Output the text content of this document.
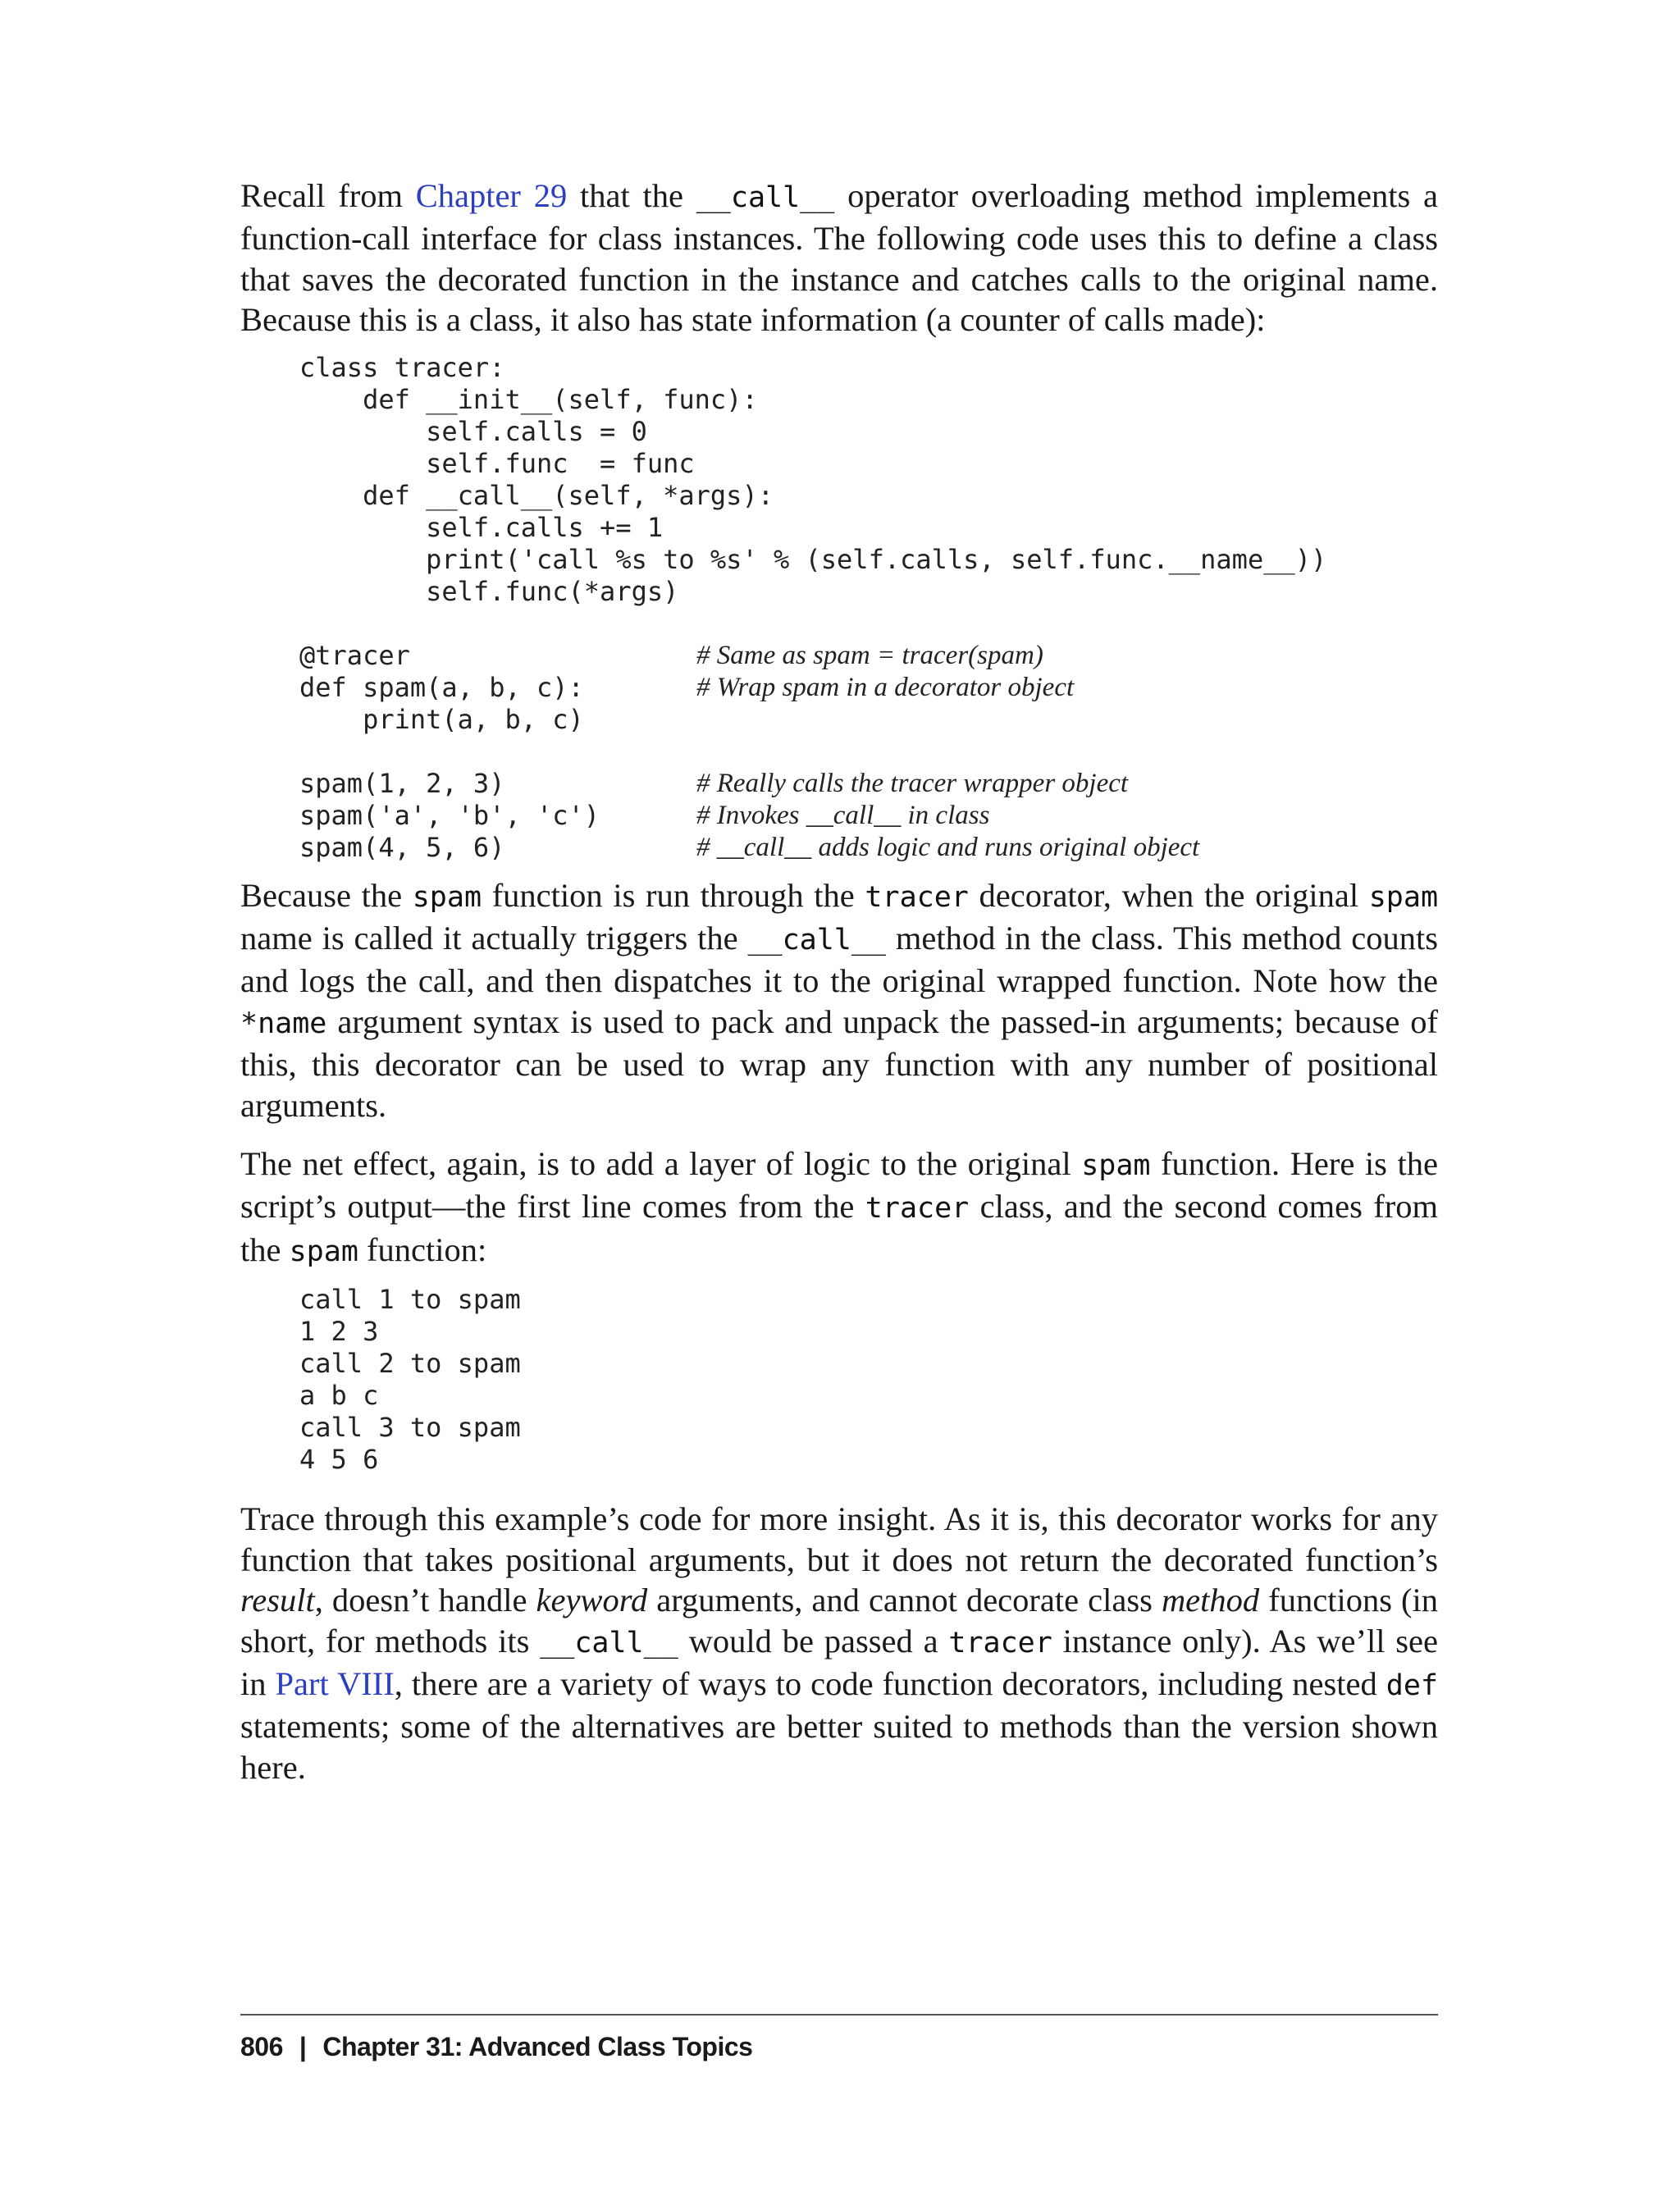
Recall from Chapter 29 that the __call__ operator overloading method implements a function-call interface for class instances. The following code uses this to define a class that saves the decorated function in the instance and catches calls to the original name. Because this is a class, it also has state information (a counter of calls made):

class tracer:
def __init__(self, func):
self.calls = 0
self.func  = func
def __call__(self, *args):
self.calls += 1
print('call %s to %s' % (self.calls, self.func.__name__))
self.func(*args)
@tracer	# Same as spam = tracer(spam)
def spam(a, b, c):	# Wrap spam in a decorator object
print(a, b, c)
spam(1, 2, 3)	# Really calls the tracer wrapper object
spam('a', 'b', 'c')	# Invokes __call__ in class
spam(4, 5, 6)	# __call__ adds logic and runs original object

Because the spam function is run through the tracer decorator, when the original spam name is called it actually triggers the __call__ method in the class. This method counts and logs the call, and then dispatches it to the original wrapped function. Note how the *name argument syntax is used to pack and unpack the passed-in arguments; because of this, this decorator can be used to wrap any function with any number of positional arguments.

The net effect, again, is to add a layer of logic to the original spam function. Here is the script’s output—the first line comes from the tracer class, and the second comes from the spam function:

call 1 to spam
1 2 3
call 2 to spam
a b c
call 3 to spam
4 5 6

Trace through this example’s code for more insight. As it is, this decorator works for any function that takes positional arguments, but it does not return the decorated function’s result, doesn’t handle keyword arguments, and cannot decorate class method functions (in short, for methods its __call__ would be passed a tracer instance only). As we’ll see in Part VIII, there are a variety of ways to code function decorators, including nested def statements; some of the alternatives are better suited to methods than the version shown here.

806 | Chapter 31: Advanced Class Topics
